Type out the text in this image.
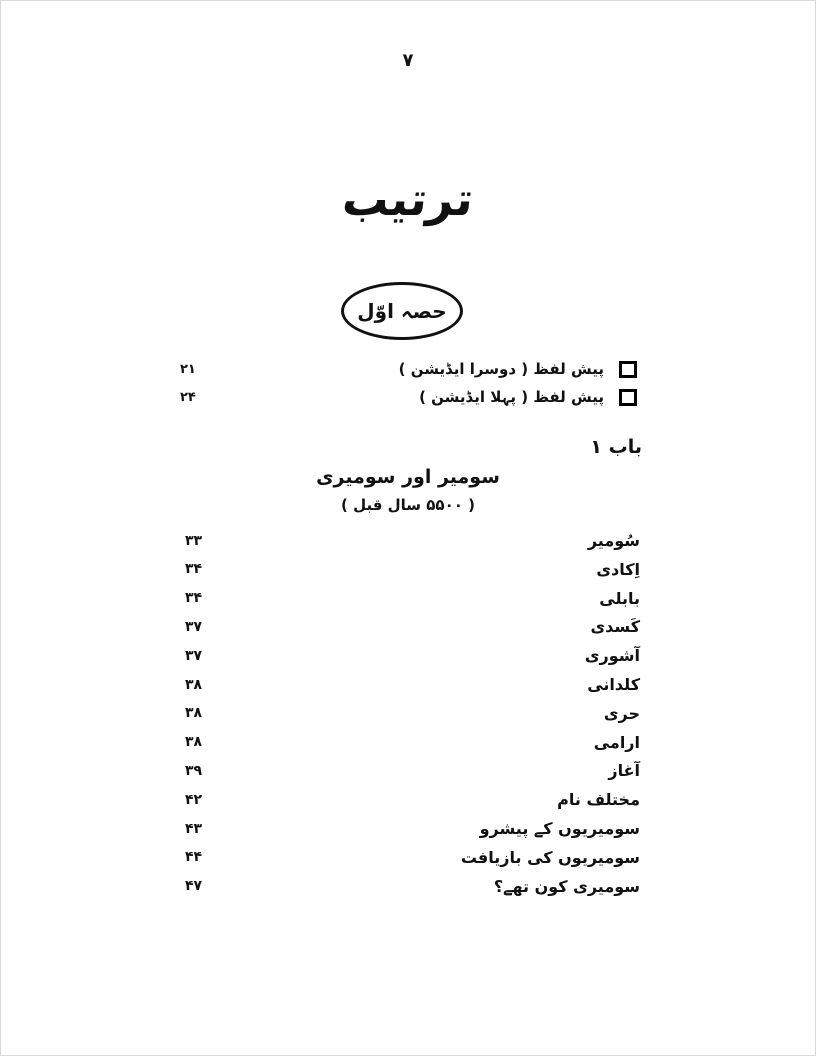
۷
ترتیب
حصہ اوّل
۲۱	پیش لفظ ( دوسرا ایڈیشن )
۲۴	پیش لفظ ( پہلا ایڈیشن )
باب ۱
سومیر اور سومیری
( ۵۵۰۰ سال قبل )
۳۳	سُومیر
۳۴	اِکادی
۳۴	بابلی
۳۷	کَسدی
۳۷	آشوری
۳۸	کلدانی
۳۸	حری
۳۸	ارامی
۳۹	آغاز
۴۲	مختلف نام
۴۳	سومیریوں کے پیشرو
۴۴	سومیریوں کی بازیافت
۴۷	سومیری کون تھے؟
